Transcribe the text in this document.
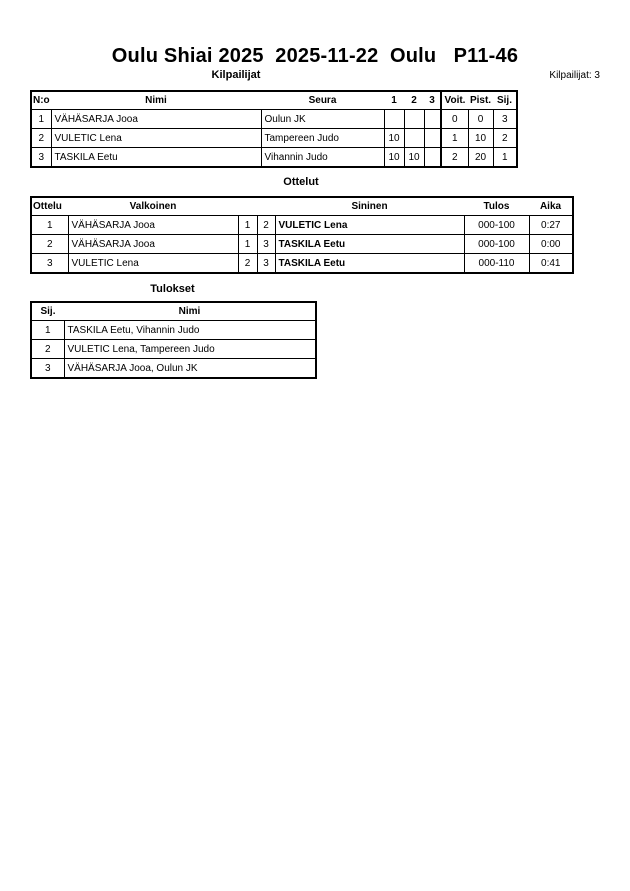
Oulu Shiai 2025  2025-11-22  Oulu   P11-46
Kilpailijat	Kilpailijat: 3
N:o	Nimi	Seura	1	2	3	Voit.	Pist.	Sij.
1	VÄHÄSARJA Jooa	Oulun JK				0	0	3
2	VULETIC Lena	Tampereen Judo	10			1	10	2
3	TASKILA Eetu	Vihannin Judo	10	10		2	20	1
Ottelut
Ottelu	Valkoinen			Sininen	Tulos	Aika
1	VÄHÄSARJA Jooa	1	2	VULETIC Lena	000-100	0:27
2	VÄHÄSARJA Jooa	1	3	TASKILA Eetu	000-100	0:00
3	VULETIC Lena	2	3	TASKILA Eetu	000-110	0:41
Tulokset
Sij.	Nimi
1	TASKILA Eetu, Vihannin Judo
2	VULETIC Lena, Tampereen Judo
3	VÄHÄSARJA Jooa, Oulun JK
